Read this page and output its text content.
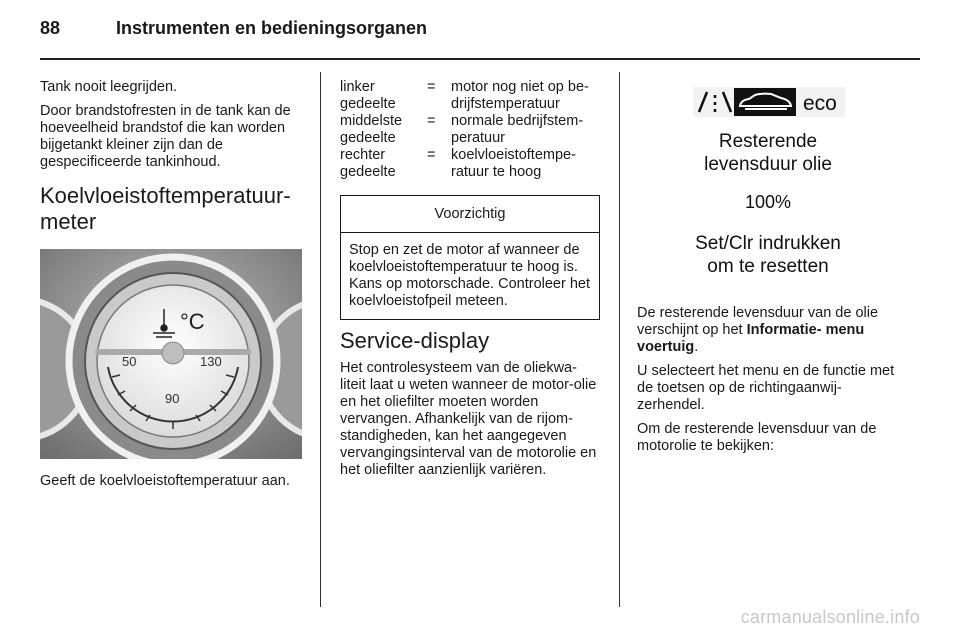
88	Instrumenten en bedieningsorganen

Tank nooit leegrijden.

Door brandstofresten in de tank kan de hoeveelheid brandstof die kan worden bijgetankt kleiner zijn dan de gespecificeerde tankinhoud.

Koelvloeistoftemperatuur-meter
°C
50	130
90

Geeft de koelvloeistoftemperatuur aan.

linker gedeelte	=	motor nog niet op be-drijfstemperatuur
middelste gedeelte	=	normale bedrijfstem-peratuur
rechter gedeelte	=	koelvloeistoftempe-ratuur te hoog
Voorzichtig
Stop en zet de motor af wanneer de koelvloeistoftemperatuur te hoog is. Kans op motorschade. Controleer het koelvloeistofpeil meteen.
Service-display

Het controlesysteem van de oliekwa-liteit laat u weten wanneer de motor-olie en het oliefilter moeten worden vervangen. Afhankelijk van de rijom-standigheden, kan het aangegeven vervangingsinterval van de motorolie en het oliefilter aanzienlijk variëren.

eco
Resterende
levensduur olie
100%
Set/Clr indrukken
om te resetten

De resterende levensduur van de olie verschijnt op het Informatie- menu voertuig.

U selecteert het menu en de functie met de toetsen op de richtingaanwij-zerhendel.

Om de resterende levensduur van de motorolie te bekijken:

carmanualsonline.info
